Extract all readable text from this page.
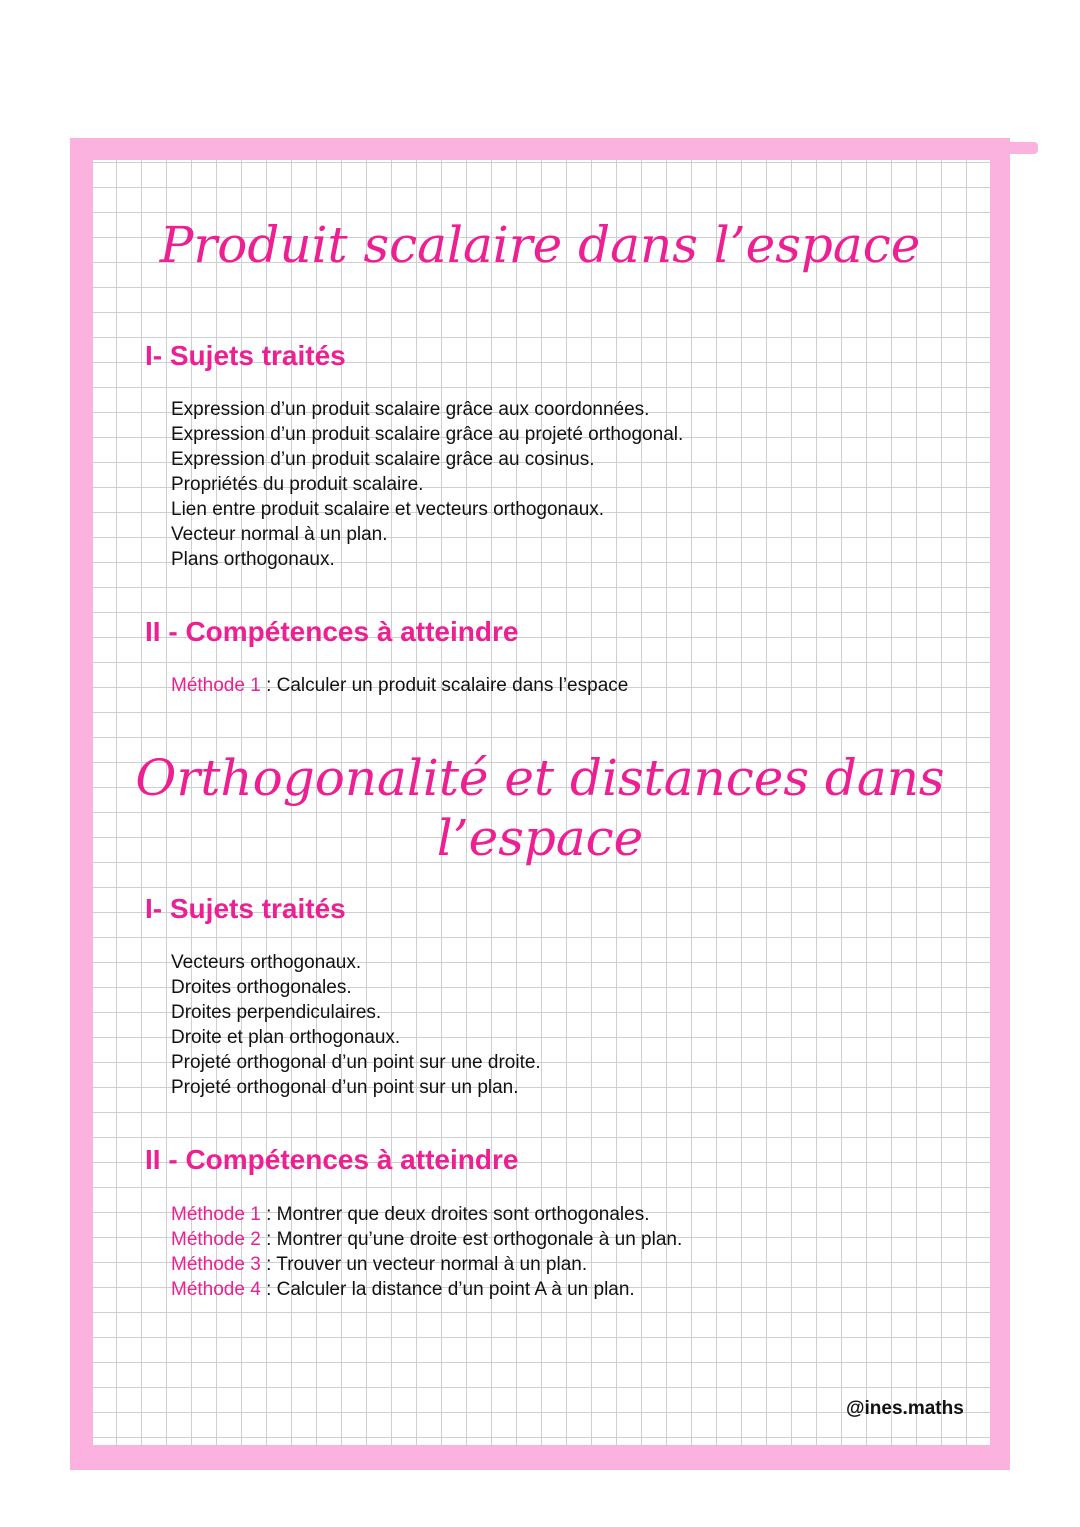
Produit scalaire dans l’espace
I- Sujets traités
Expression d’un produit scalaire grâce aux coordonnées.
Expression d’un produit scalaire grâce au projeté orthogonal.
Expression d’un produit scalaire grâce au cosinus.
Propriétés du produit scalaire.
Lien entre produit scalaire et vecteurs orthogonaux.
Vecteur normal à un plan.
Plans orthogonaux.
II - Compétences à atteindre
Méthode 1 : Calculer un produit scalaire dans l’espace
Orthogonalité et distances dans
l’espace
I- Sujets traités
Vecteurs orthogonaux.
Droites orthogonales.
Droites perpendiculaires.
Droite et plan orthogonaux.
Projeté orthogonal d’un point sur une droite.
Projeté orthogonal d’un point sur un plan.
II - Compétences à atteindre
Méthode 1 : Montrer que deux droites sont orthogonales.
Méthode 2 : Montrer qu’une droite est orthogonale à un plan.
Méthode 3 : Trouver un vecteur normal à un plan.
Méthode 4 : Calculer la distance d’un point A à un plan.
@ines.maths
